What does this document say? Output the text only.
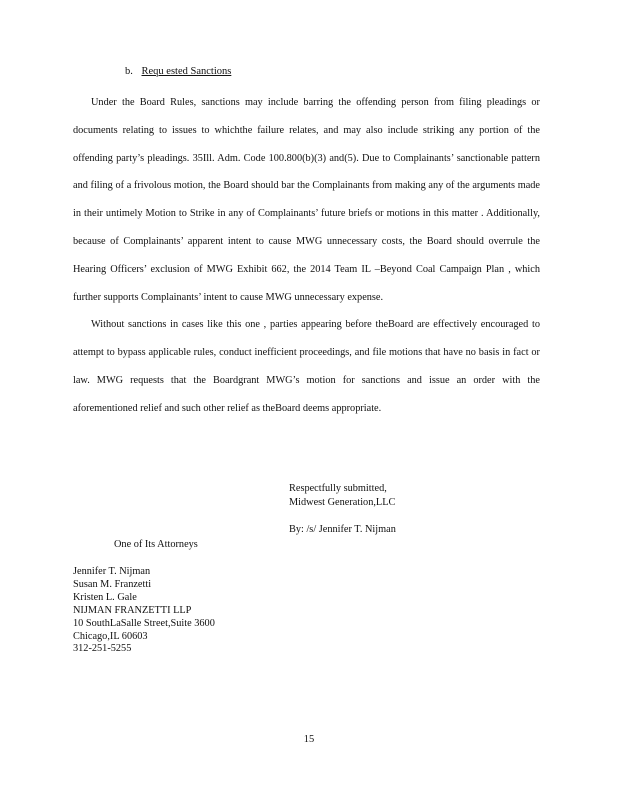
b. Requ ested Sanctions

Under the Board Rules, sanctions may include barring the offending person from filing pleadings or documents relating to issues to whichthe failure relates, and may also include striking any portion of the offending party’s pleadings. 35Ill. Adm. Code 100.800(b)(3) and(5). Due to Complainants’ sanctionable pattern and filing of a frivolous motion, the Board should bar the Complainants from making any of the arguments made in their untimely Motion to Strike in any of Complainants’ future briefs or motions in this matter . Additionally, because of Complainants’ apparent intent to cause MWG unnecessary costs, the Board should overrule the Hearing Officers’ exclusion of MWG Exhibit 662, the 2014 Team IL –Beyond Coal Campaign Plan , which further supports Complainants’ intent to cause MWG unnecessary expense.

Without sanctions in cases like this one , parties appearing before theBoard are effectively encouraged to attempt to bypass applicable rules, conduct inefficient proceedings, and file motions that have no basis in fact or law. MWG requests that the Boardgrant MWG’s motion for sanctions and issue an order with the aforementioned relief and such other relief as theBoard deems appropriate.

Respectfully submitted,
Midwest Generation,LLC
By: /s/ Jennifer T. Nijman
One of Its Attorneys
Jennifer T. Nijman
Susan M. Franzetti
Kristen L. Gale
NIJMAN FRANZETTI LLP
10 SouthLaSalle Street,Suite 3600
Chicago,IL 60603
312-251-5255
15
